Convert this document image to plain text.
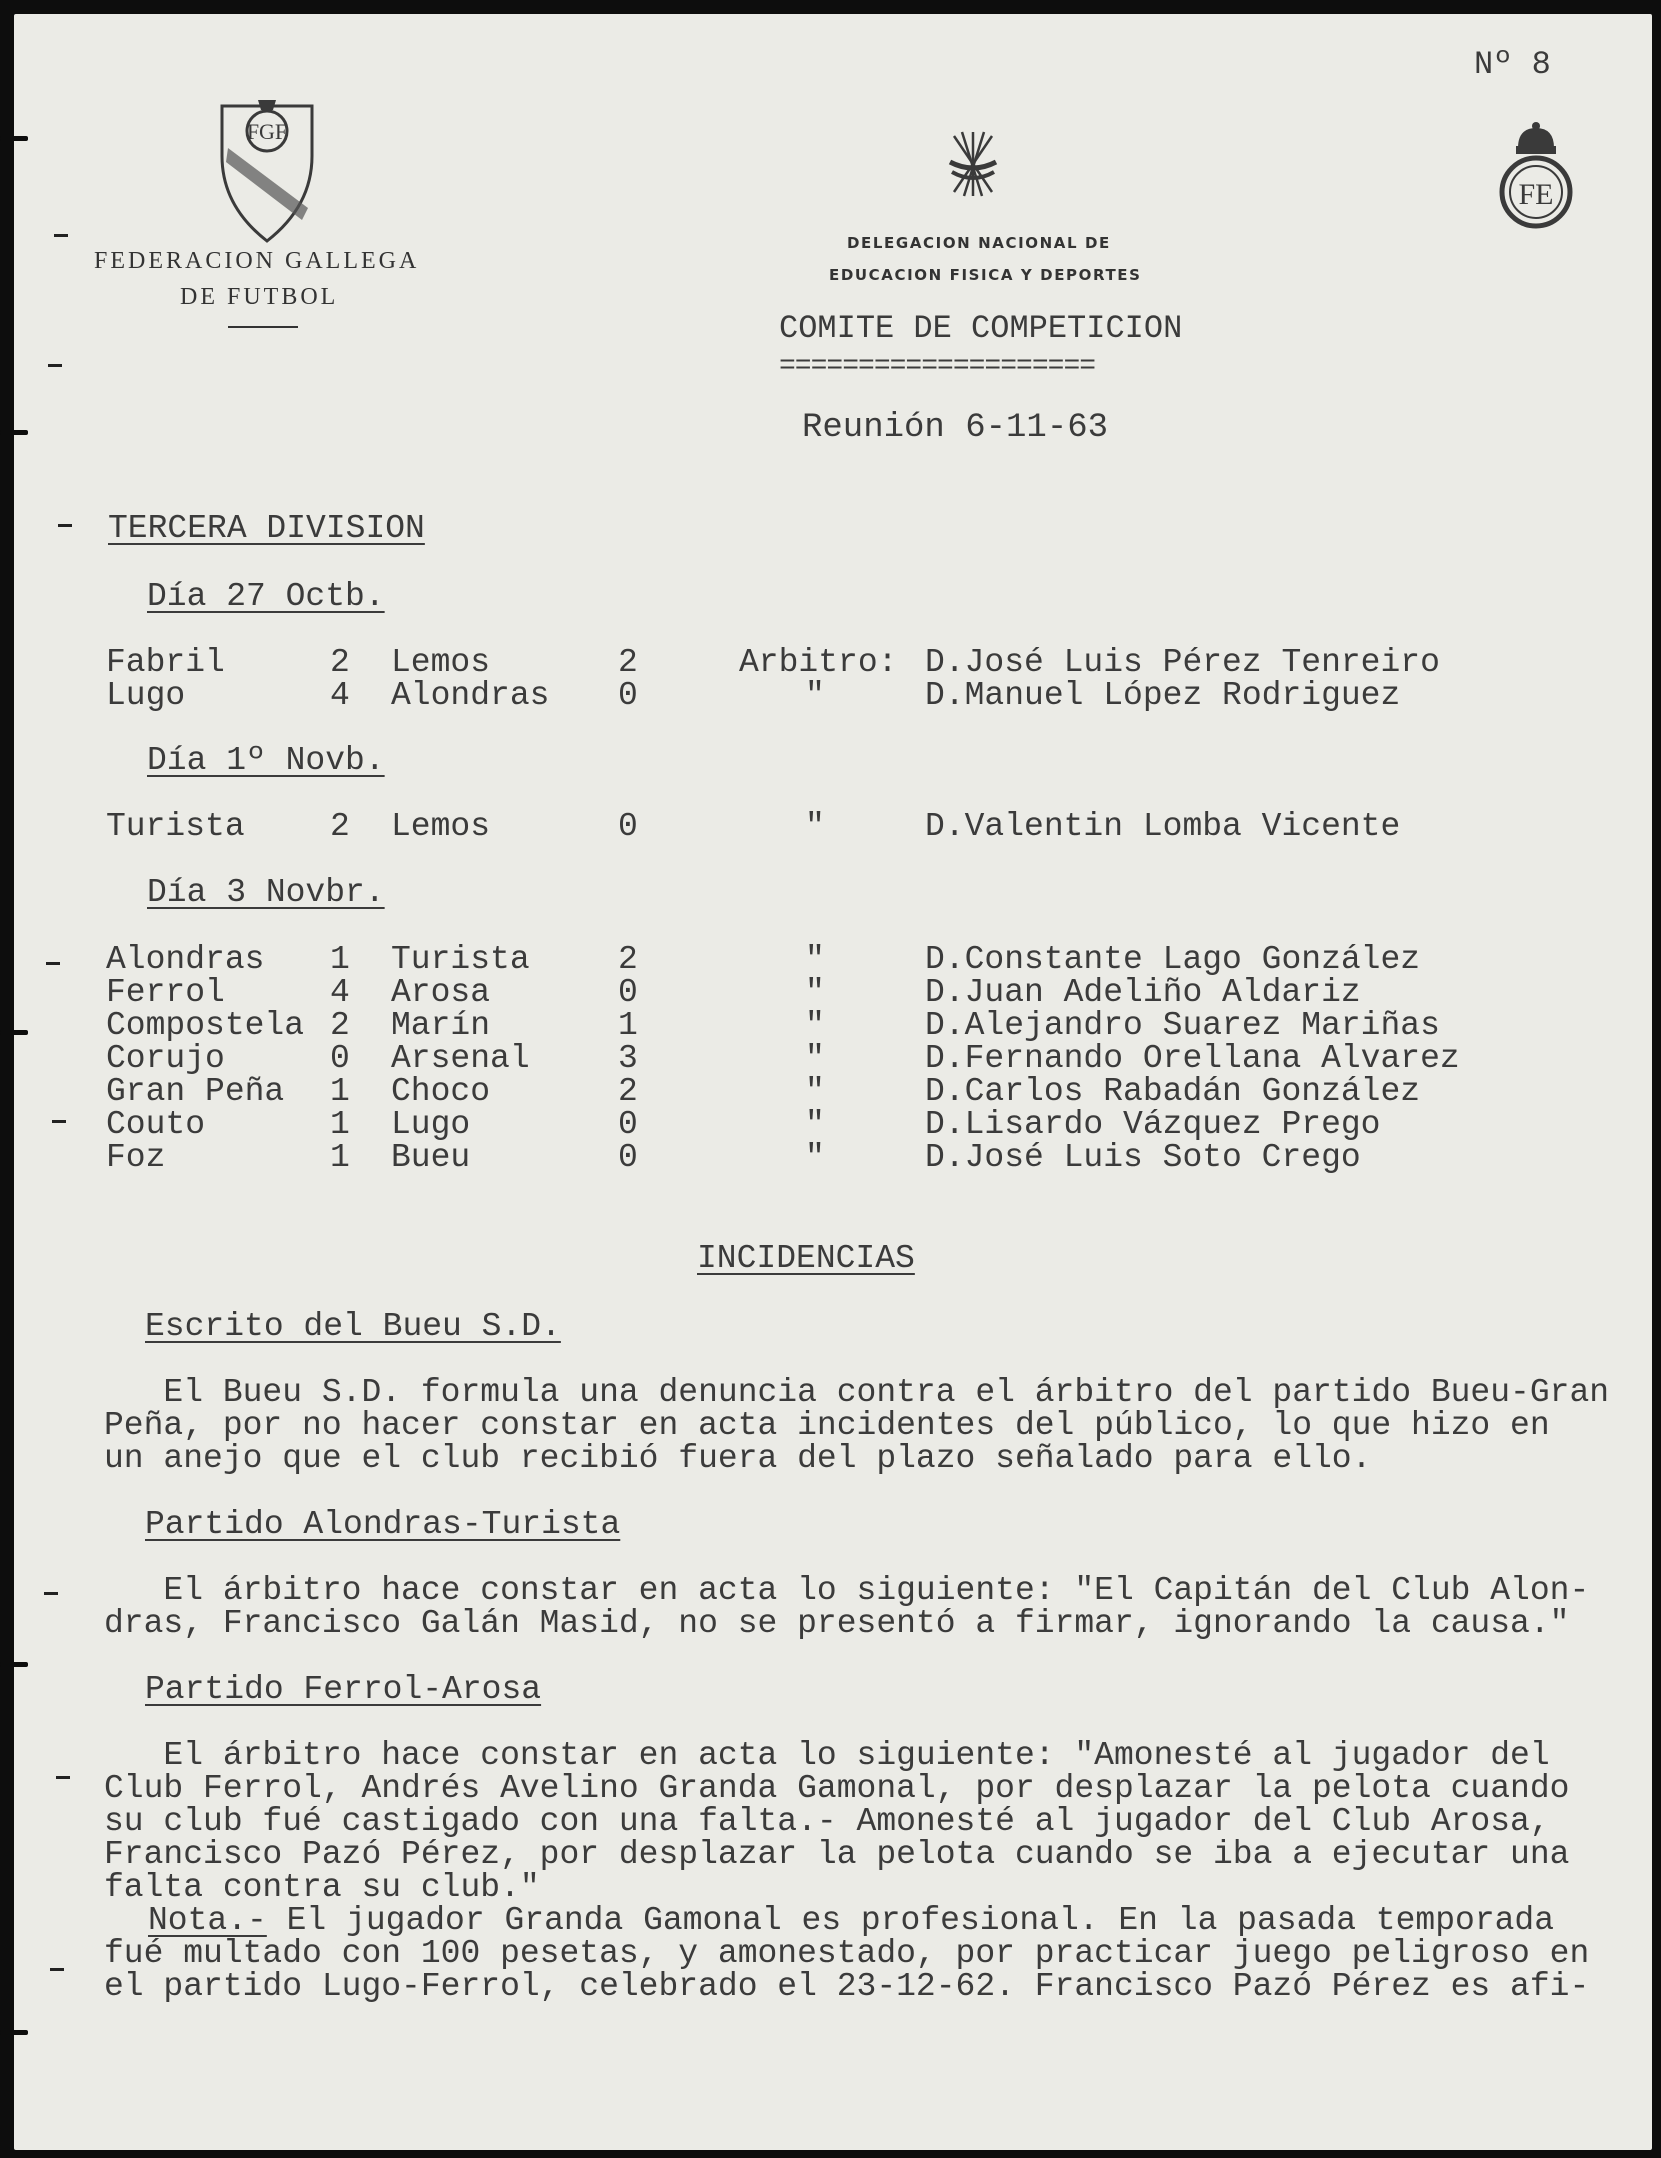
Nº 8
FGF
FEDERACION GALLEGA
DE FUTBOL
DELEGACION NACIONAL DE
EDUCACION FISICA Y DEPORTES
FE
COMITE DE COMPETICION
====================
Reunión 6-11-63
TERCERA DIVISION
Día 27 Octb.
Fabril	2 Lemos	2	Arbitro: D.José Luis Pérez Tenreiro
Lugo	4 Alondras 0	"	D.Manuel López Rodriguez
Día 1º Novb.
Turista	2 Lemos	0	"	D.Valentin Lomba Vicente
Día 3 Novbr.
Alondras 1 Turista	2	"	D.Constante Lago González
Ferrol	4 Arosa	0	"	D.Juan Adeliño Aldariz
Compostela 2 Marín	1	"	D.Alejandro Suarez Mariñas
Corujo	0 Arsenal	3	"	D.Fernando Orellana Alvarez
Gran Peña 1 Choco	2	"	D.Carlos Rabadán González
Couto	1 Lugo	0	"	D.Lisardo Vázquez Prego
Foz	1 Bueu	0	"	D.José Luis Soto Crego
INCIDENCIAS
Escrito del Bueu S.D.
El Bueu S.D. formula una denuncia contra el árbitro del partido Bueu-Gran
Peña, por no hacer constar en acta incidentes del público, lo que hizo en
un anejo que el club recibió fuera del plazo señalado para ello.
Partido Alondras-Turista
El árbitro hace constar en acta lo siguiente: "El Capitán del Club Alon-
dras, Francisco Galán Masid, no se presentó a firmar, ignorando la causa."
Partido Ferrol-Arosa
El árbitro hace constar en acta lo siguiente: "Amonesté al jugador del
Club Ferrol, Andrés Avelino Granda Gamonal, por desplazar la pelota cuando
su club fué castigado con una falta.- Amonesté al jugador del Club Arosa,
Francisco Pazó Pérez, por desplazar la pelota cuando se iba a ejecutar una
falta contra su club."
Nota.- El jugador Granda Gamonal es profesional. En la pasada temporada
fué multado con 100 pesetas, y amonestado, por practicar juego peligroso en
el partido Lugo-Ferrol, celebrado el 23-12-62. Francisco Pazó Pérez es afi-
